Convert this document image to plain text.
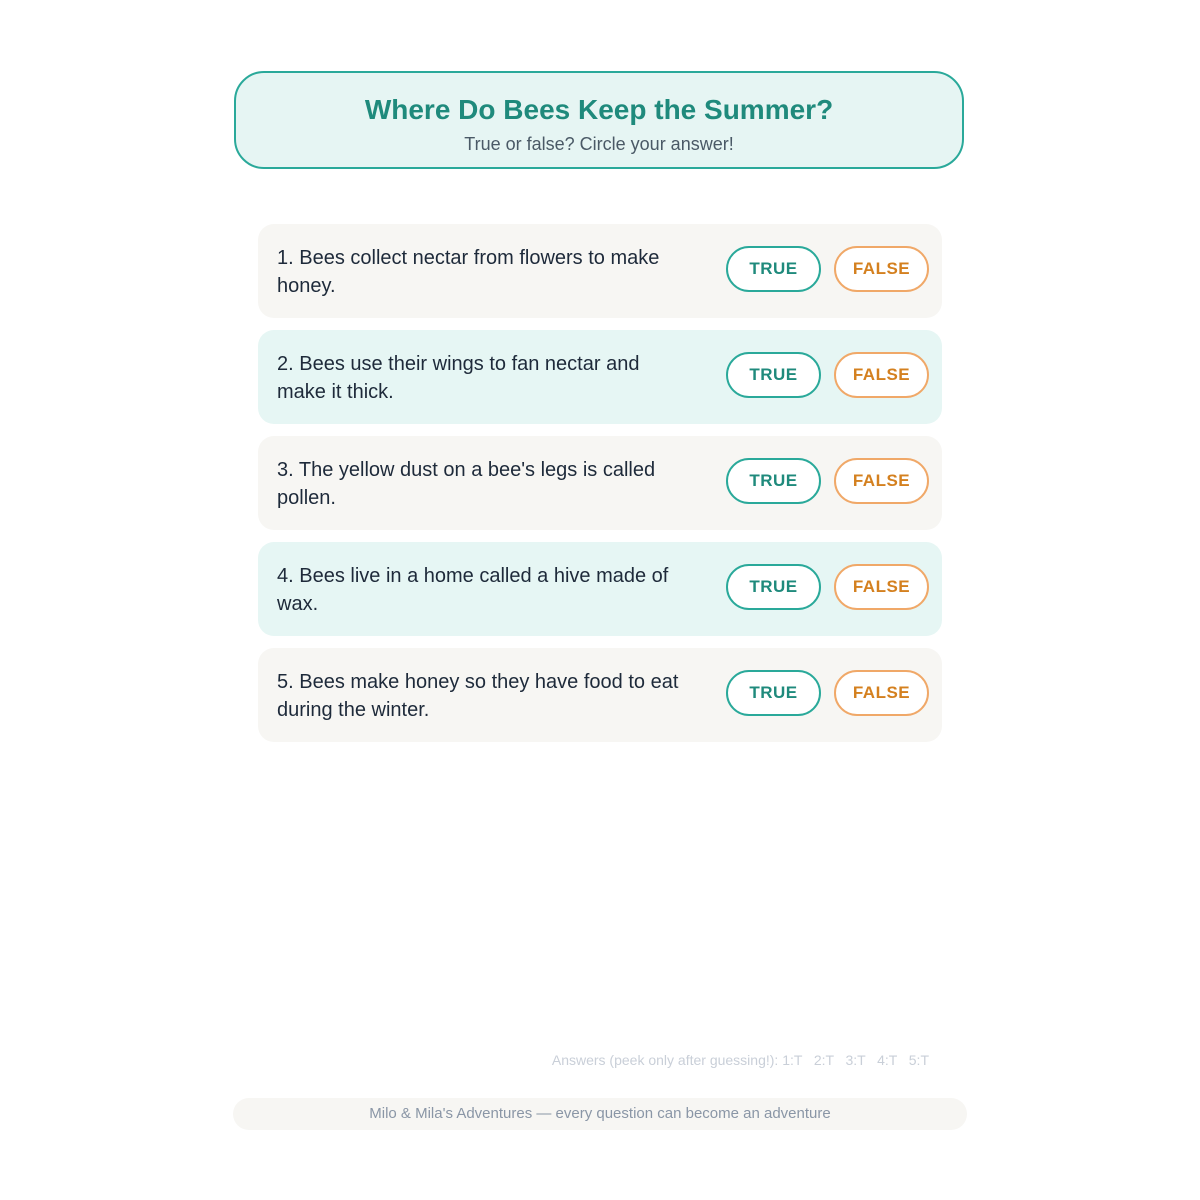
Where Do Bees Keep the Summer?
True or false? Circle your answer!
1. Bees collect nectar from flowers to make honey.
TRUE	FALSE
2. Bees use their wings to fan nectar and make it thick.
TRUE	FALSE
3. The yellow dust on a bee's legs is called pollen.
TRUE	FALSE
4. Bees live in a home called a hive made of wax.
TRUE	FALSE
5. Bees make honey so they have food to eat during the winter.
TRUE	FALSE
Answers (peek only after guessing!): 1:T   2:T   3:T   4:T   5:T
Milo & Mila's Adventures — every question can become an adventure
